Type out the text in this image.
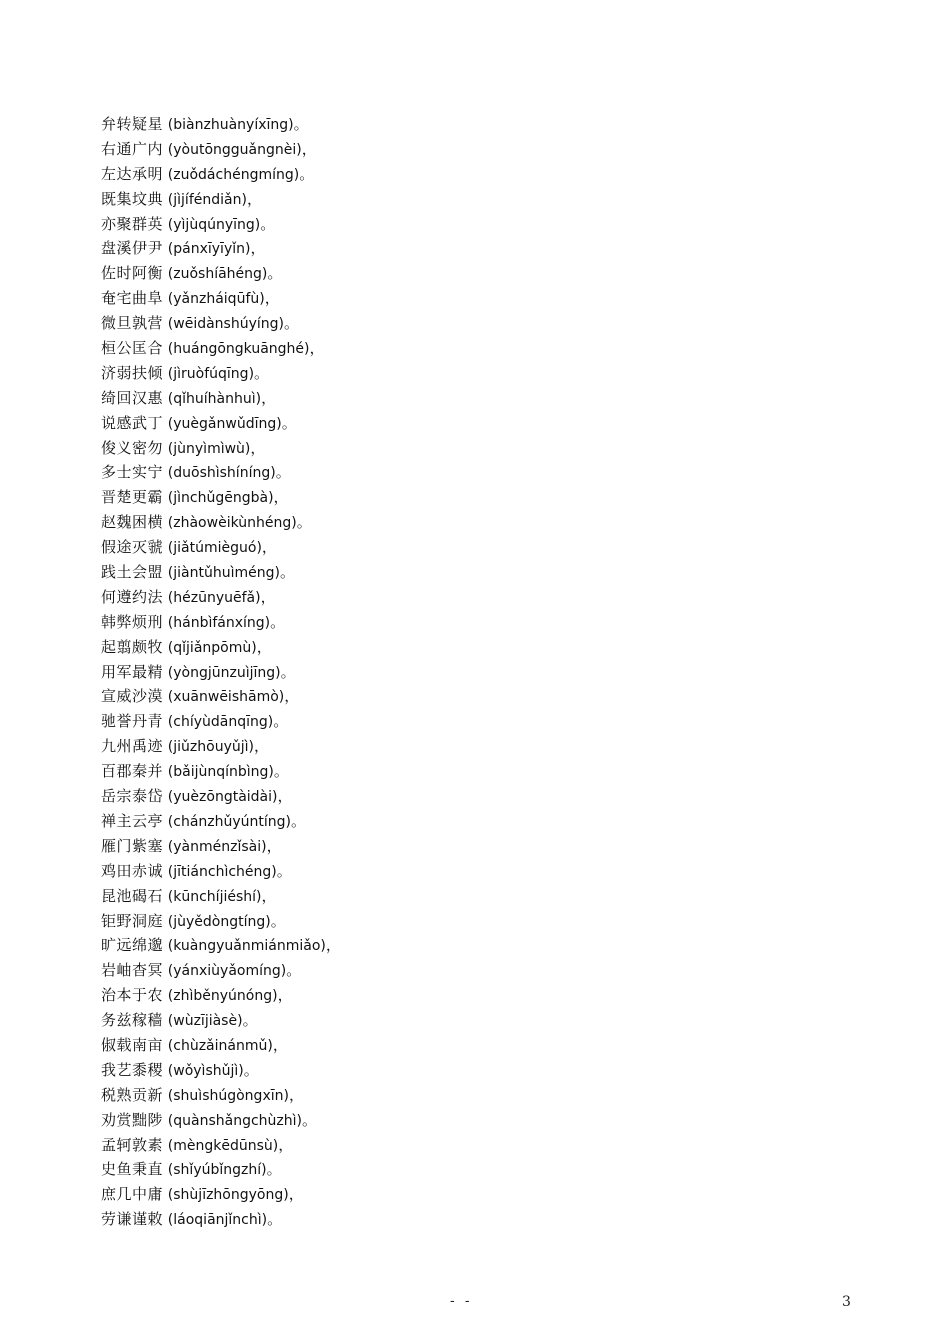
弁转疑星 (biànzhuànyíxīng)。
右通广内 (yòutōngguǎngnèi)，
左达承明 (zuǒdáchéngmíng)。
既集坟典 (jìjíféndiǎn)，
亦聚群英 (yìjùqúnyīng)。
盘溪伊尹 (pánxīyīyǐn)，
佐时阿衡 (zuǒshíāhéng)。
奄宅曲阜 (yǎnzháiqūfù)，
微旦孰营 (wēidànshúyíng)。
桓公匡合 (huángōngkuānghé)，
济弱扶倾 (jìruòfúqīng)。
绮回汉惠 (qǐhuíhànhuì)，
说感武丁 (yuègǎnwǔdīng)。
俊义密勿 (jùnyìmìwù)，
多士实宁 (duōshìshíníng)。
晋楚更霸 (jìnchǔgēngbà)，
赵魏困横 (zhàowèikùnhéng)。
假途灭虢 (jiǎtúmièguó)，
践土会盟 (jiàntǔhuìméng)。
何遵约法 (hézūnyuēfǎ)，
韩弊烦刑 (hánbìfánxíng)。
起翦颇牧 (qǐjiǎnpōmù)，
用军最精 (yòngjūnzuìjīng)。
宣威沙漠 (xuānwēishāmò)，
驰誉丹青 (chíyùdānqīng)。
九州禹迹 (jiǔzhōuyǔjì)，
百郡秦并 (bǎijùnqínbìng)。
岳宗泰岱 (yuèzōngtàidài)，
禅主云亭 (chánzhǔyúntíng)。
雁门紫塞 (yànménzǐsài)，
鸡田赤诚 (jītiánchìchéng)。
昆池碣石 (kūnchíjiéshí)，
钜野洞庭 (jùyědòngtíng)。
旷远绵邈 (kuàngyuǎnmiánmiǎo)，
岩岫杳冥 (yánxiùyǎomíng)。
治本于农 (zhìběnyúnóng)，
务兹稼穑 (wùzījiàsè)。
俶载南亩 (chùzǎinánmǔ)，
我艺黍稷 (wǒyìshǔjì)。
税熟贡新 (shuìshúgòngxīn)，
劝赏黜陟 (quànshǎngchùzhì)。
孟轲敦素 (mèngkēdūnsù)，
史鱼秉直 (shǐyúbǐngzhí)。
庶几中庸 (shùjīzhōngyōng)，
劳谦谨敕 (láoqiānjǐnchì)。
- -	3
